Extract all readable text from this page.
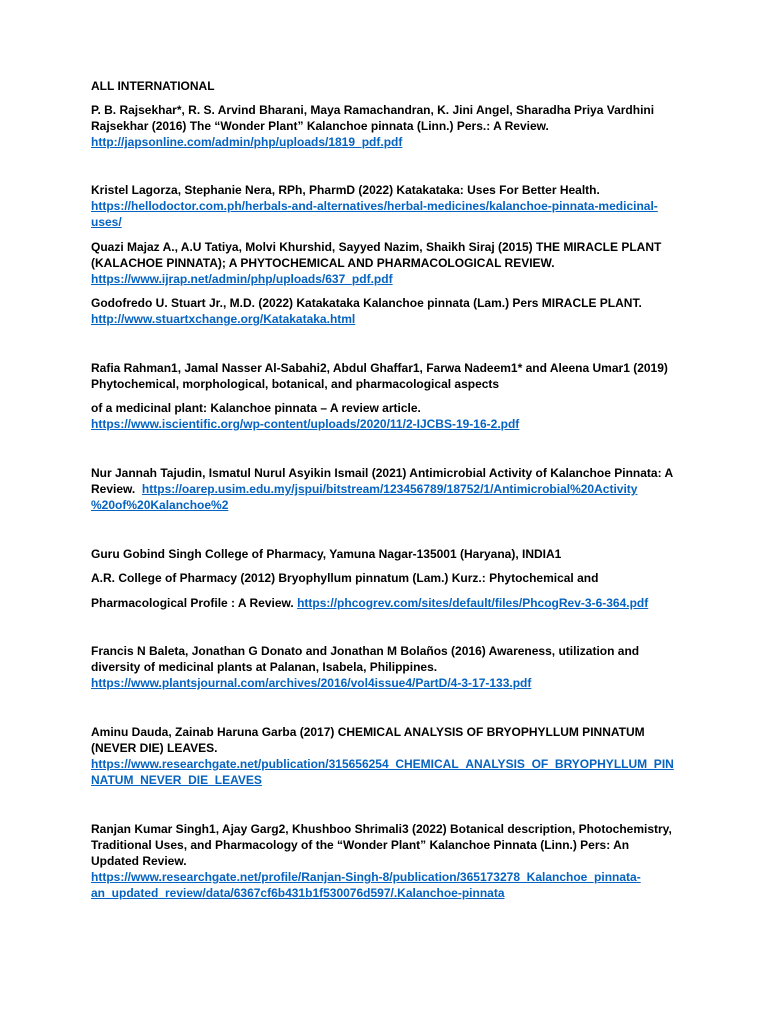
ALL INTERNATIONAL
P. B. Rajsekhar*, R. S. Arvind Bharani, Maya Ramachandran, K. Jini Angel, Sharadha Priya Vardhini
Rajsekhar (2016) The “Wonder Plant” Kalanchoe pinnata (Linn.) Pers.: A Review.
http://japsonline.com/admin/php/uploads/1819_pdf.pdf
Kristel Lagorza, Stephanie Nera, RPh, PharmD (2022) Katakataka: Uses For Better Health.
https://hellodoctor.com.ph/herbals-and-alternatives/herbal-medicines/kalanchoe-pinnata-medicinal-
uses/
Quazi Majaz A., A.U Tatiya, Molvi Khurshid, Sayyed Nazim, Shaikh Siraj (2015) THE MIRACLE PLANT
(KALACHOE PINNATA); A PHYTOCHEMICAL AND PHARMACOLOGICAL REVIEW.
https://www.ijrap.net/admin/php/uploads/637_pdf.pdf
Godofredo U. Stuart Jr., M.D. (2022) Katakataka Kalanchoe pinnata (Lam.) Pers MIRACLE PLANT.
http://www.stuartxchange.org/Katakataka.html
Rafia Rahman1, Jamal Nasser Al-Sabahi2, Abdul Ghaffar1, Farwa Nadeem1* and Aleena Umar1 (2019)
Phytochemical, morphological, botanical, and pharmacological aspects
of a medicinal plant: Kalanchoe pinnata – A review article.
https://www.iscientific.org/wp-content/uploads/2020/11/2-IJCBS-19-16-2.pdf
Nur Jannah Tajudin, Ismatul Nurul Asyikin Ismail (2021) Antimicrobial Activity of Kalanchoe Pinnata: A
Review.  https://oarep.usim.edu.my/jspui/bitstream/123456789/18752/1/Antimicrobial%20Activity
%20of%20Kalanchoe%2
Guru Gobind Singh College of Pharmacy, Yamuna Nagar-135001 (Haryana), INDIA1
A.R. College of Pharmacy (2012) Bryophyllum pinnatum (Lam.) Kurz.: Phytochemical and
Pharmacological Profile : A Review. https://phcogrev.com/sites/default/files/PhcogRev-3-6-364.pdf
Francis N Baleta, Jonathan G Donato and Jonathan M Bolaños (2016) Awareness, utilization and
diversity of medicinal plants at Palanan, Isabela, Philippines.
https://www.plantsjournal.com/archives/2016/vol4issue4/PartD/4-3-17-133.pdf
Aminu Dauda, Zainab Haruna Garba (2017) CHEMICAL ANALYSIS OF BRYOPHYLLUM PINNATUM
(NEVER DIE) LEAVES.
https://www.researchgate.net/publication/315656254_CHEMICAL_ANALYSIS_OF_BRYOPHYLLUM_PIN
NATUM_NEVER_DIE_LEAVES
Ranjan Kumar Singh1, Ajay Garg2, Khushboo Shrimali3 (2022) Botanical description, Photochemistry,
Traditional Uses, and Pharmacology of the “Wonder Plant” Kalanchoe Pinnata (Linn.) Pers: An
Updated Review.
https://www.researchgate.net/profile/Ranjan-Singh-8/publication/365173278_Kalanchoe_pinnata-
an_updated_review/data/6367cf6b431b1f530076d597/.Kalanchoe-pinnata
